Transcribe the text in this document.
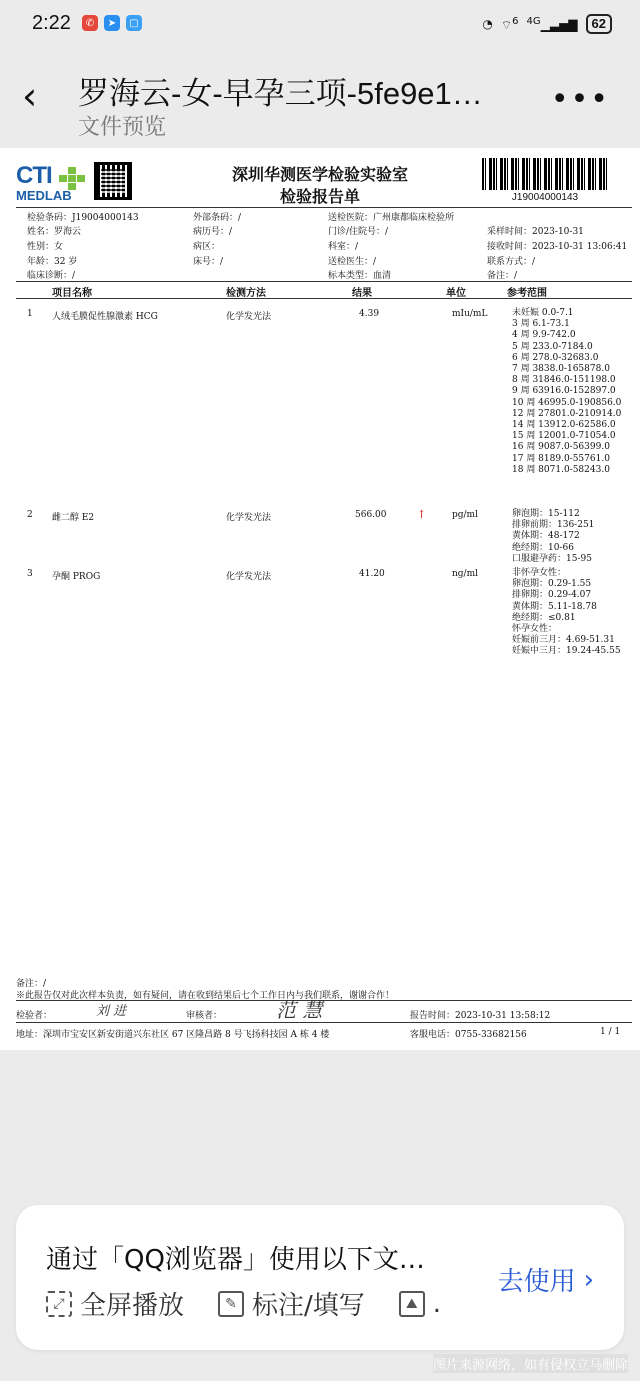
2:22	✆	➤	▢	◔ ⌔$^6$ $^{4G}$▁▃▅▇	62
‹	罗海云-女-早孕三项-5fe9e1…
文件预览
•••
CTI
MEDLAB
深圳华测医学检验实验室
检验报告单	J19004000143
检验条码：J19004000143	外部条码：/	送检医院：广州康都临床检验所
姓名：罗海云	病历号：/	门诊/住院号：/	采样时间：2023-10-31
性别：女	病区：	科室：/	接收时间：2023-10-31 13:06:41
年龄：32 岁	床号：/	送检医生：/	联系方式：/
临床诊断：/	标本类型：血清	备注：/
项目名称	检测方法	结果	单位	参考范围
1 人绒毛膜促性腺激素 HCG	化学发光法	4.39	mIu/mL	未妊娠 0.0-7.1
3 周 6.1-73.1
4 周 9.9-742.0
5 周 233.0-7184.0
6 周 278.0-32683.0
7 周 3838.0-165878.0
8 周 31846.0-151198.0
9 周 63916.0-152897.0
10 周 46995.0-190856.0
12 周 27801.0-210914.0
14 周 13912.0-62586.0
15 周 12001.0-71054.0
16 周 9087.0-56399.0
17 周 8189.0-55761.0
18 周 8071.0-58243.0
2 雌二醇 E2	化学发光法	566.00	↑	pg/ml	卵泡期：15-112
排卵前期：136-251
黄体期：48-172
绝经期：10-66
口服避孕药：15-95
3 孕酮 PROG	化学发光法	41.20	ng/ml	非怀孕女性：
卵泡期：0.29-1.55
排卵期：0.29-4.07
黄体期：5.11-18.78
绝经期：≤0.81
怀孕女性：
妊娠前三月：4.69-51.31
妊娠中三月：19.24-45.55
备注：/
※此报告仅对此次样本负责，如有疑问，请在收到结果后七个工作日内与我们联系，谢谢合作！
检验者：	刘 进	审核者：	范 慧	报告时间：2023-10-31 13:58:12
地址：深圳市宝安区新安街道兴东社区 67 区隆昌路 8 号飞扬科技园 A 栋 4 楼	客服电话：0755-33682156	1 / 1
通过「QQ浏览器」使用以下文…
⤢ 全屏播放	✎ 标注/填写	⛰ .
去使用 ›
图片来源网络，如有侵权立马删除
